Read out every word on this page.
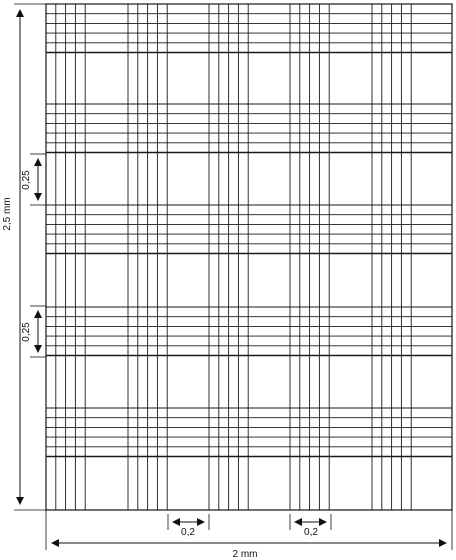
2,5 mm
0,25
0,25
0,2	0,2
2 mm
